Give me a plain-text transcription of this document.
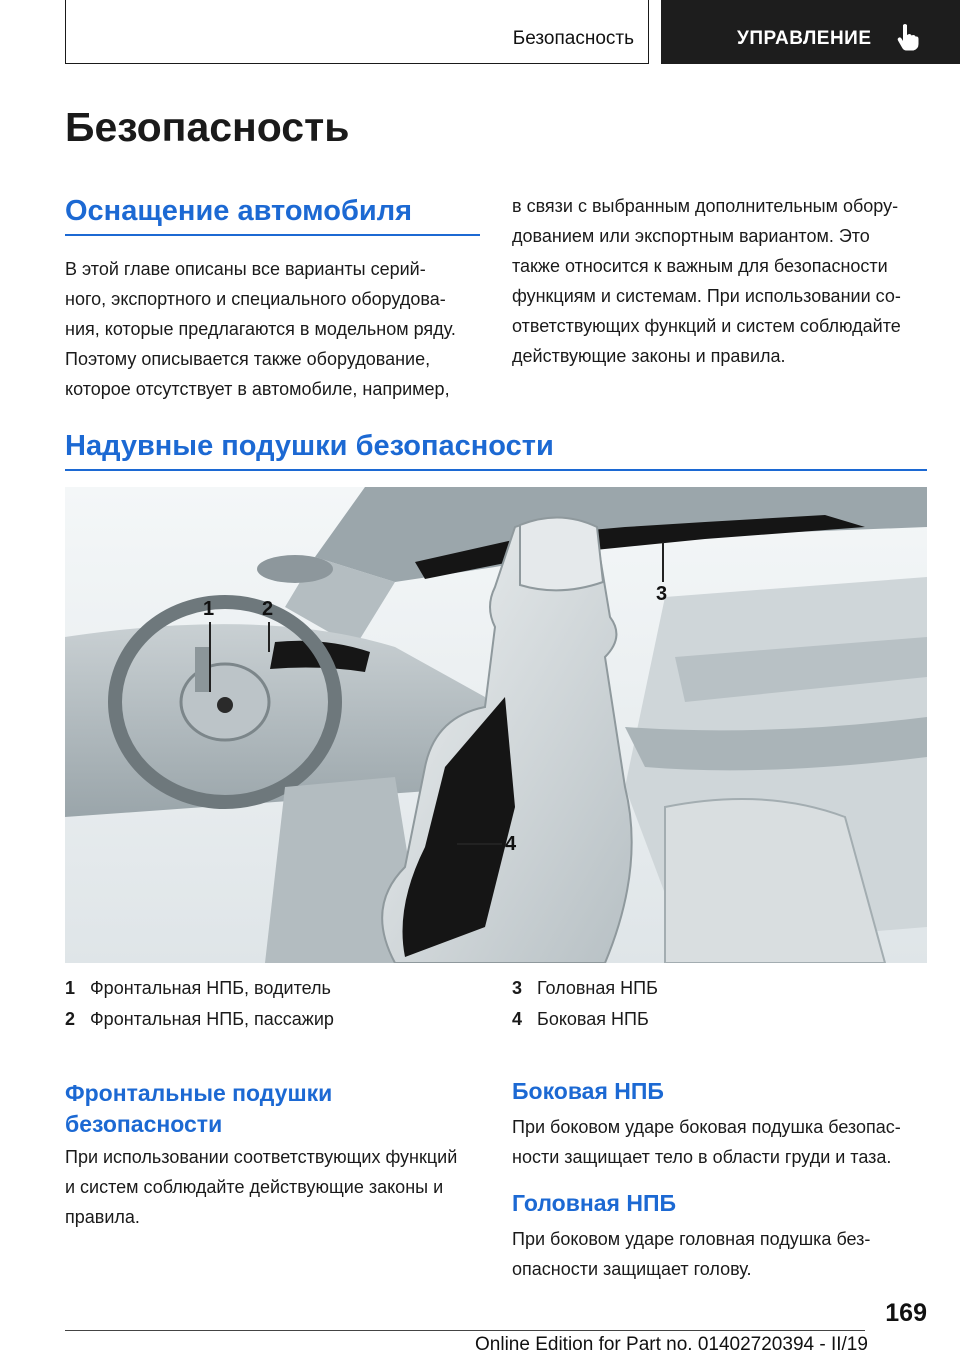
Безопасность	УПРАВЛЕНИЕ
Безопасность
Оснащение автомобиля

В этой главе описаны все варианты серий-
ного, экспортного и специального оборудова-
ния, которые предлагаются в модельном ряду.
Поэтому описывается также оборудование,
которое отсутствует в автомобиле, например,

в связи с выбранным дополнительным обору-
дованием или экспортным вариантом. Это
также относится к важным для безопасности
функциям и системам. При использовании со-
ответствующих функций и систем соблюдайте
действующие законы и правила.

Надувные подушки безопасности
1 2
3
4
1 Фронтальная НПБ, водитель
2 Фронтальная НПБ, пассажир
3 Головная НПБ
4 Боковая НПБ
Фронтальные подушки
безопасности

При использовании соответствующих функций
и систем соблюдайте действующие законы и
правила.

Боковая НПБ

При боковом ударе боковая подушка безопас-
ности защищает тело в области груди и таза.

Головная НПБ

При боковом ударе головная подушка без-
опасности защищает голову.

169
Online Edition for Part no. 01402720394 - II/19
